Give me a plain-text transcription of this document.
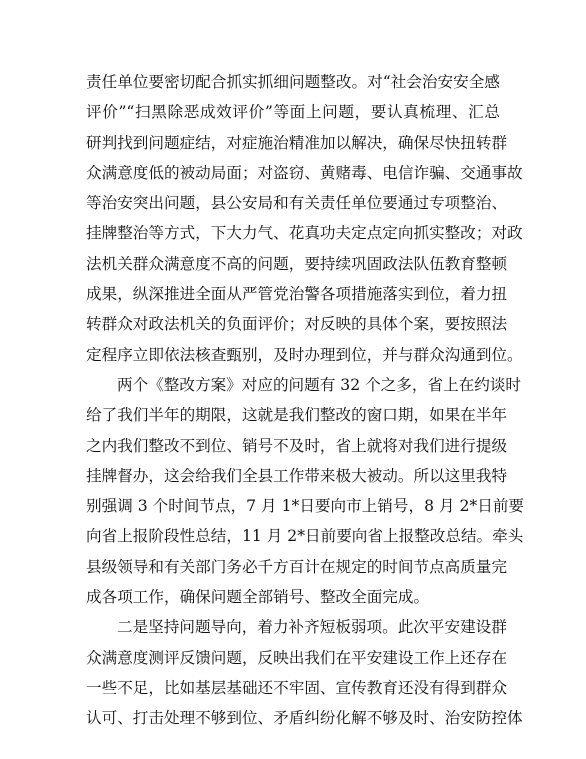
责任单位要密切配合抓实抓细问题整改。对“社会治安安全感
评价”“扫黑除恶成效评价”等面上问题，要认真梳理、汇总
研判找到问题症结，对症施治精准加以解决，确保尽快扭转群
众满意度低的被动局面；对盗窃、黄赌毒、电信诈骗、交通事故
等治安突出问题，县公安局和有关责任单位要通过专项整治、
挂牌整治等方式，下大力气、花真功夫定点定向抓实整改；对政
法机关群众满意度不高的问题，要持续巩固政法队伍教育整顿
成果，纵深推进全面从严管党治警各项措施落实到位，着力扭
转群众对政法机关的负面评价；对反映的具体个案，要按照法
定程序立即依法核查甄别，及时办理到位，并与群众沟通到位。
两个《整改方案》对应的问题有 32 个之多，省上在约谈时
给了我们半年的期限，这就是我们整改的窗口期，如果在半年
之内我们整改不到位、销号不及时，省上就将对我们进行提级
挂牌督办，这会给我们全县工作带来极大被动。所以这里我特
别强调 3 个时间节点，7 月 1*日要向市上销号，8 月 2*日前要
向省上报阶段性总结，11 月 2*日前要向省上报整改总结。牵头
县级领导和有关部门务必千方百计在规定的时间节点高质量完
成各项工作，确保问题全部销号、整改全面完成。
二是坚持问题导向，着力补齐短板弱项。此次平安建设群
众满意度测评反馈问题，反映出我们在平安建设工作上还存在
一些不足，比如基层基础还不牢固、宣传教育还没有得到群众
认可、打击处理不够到位、矛盾纠纷化解不够及时、治安防控体
